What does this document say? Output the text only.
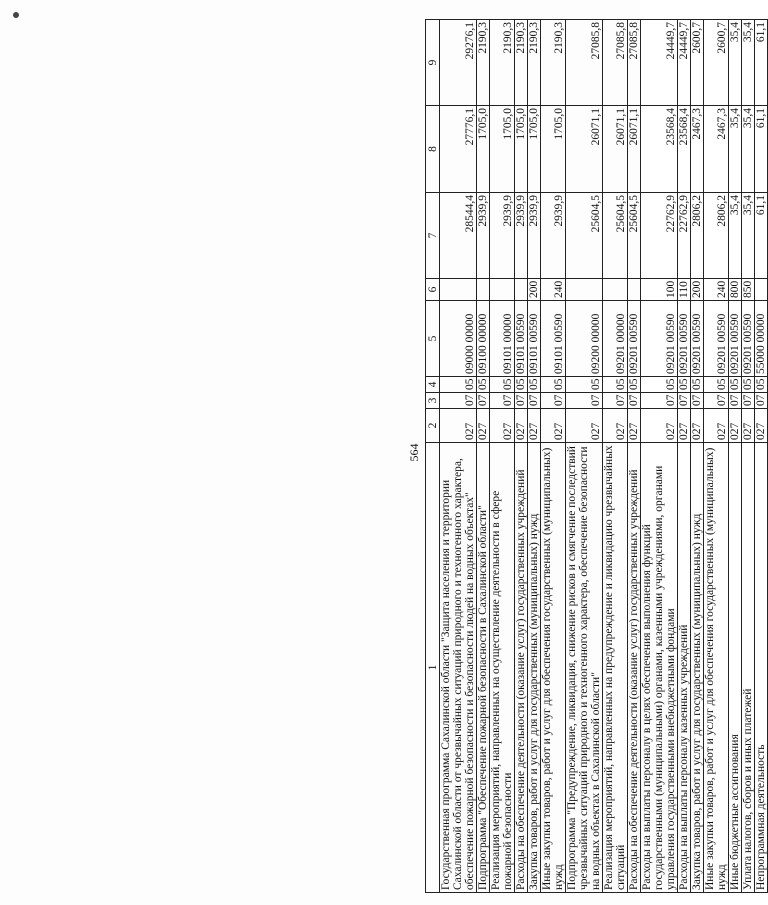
564
1	2	3	4	5	6	7	8	9
Государственная программа Сахалинской области "Защита населения и территории Сахалинской области от чрезвычайных ситуаций природного и техногенного характера, обеспечение пожарной безопасности и безопасности людей на водных объектах"	027	07	05	09000 00000		28544,4	27776,1	29276,1
Подпрограмма "Обеспечение пожарной безопасности в Сахалинской области"	027	07	05	09100 00000		2939,9	1705,0	2190,3
Реализация мероприятий, направленных на осуществление деятельности в сфере пожарной безопасности	027	07	05	09101 00000		2939,9	1705,0	2190,3
Расходы на обеспечение деятельности (оказание услуг) государственных учреждений	027	07	05	09101 00590		2939,9	1705,0	2190,3
Закупка товаров, работ и услуг для государственных (муниципальных) нужд	027	07	05	09101 00590	200	2939,9	1705,0	2190,3
Иные закупки товаров, работ и услуг для обеспечения государственных (муниципальных) нужд	027	07	05	09101 00590	240	2939,9	1705,0	2190,3
Подпрограмма "Предупреждение, ликвидация, снижение рисков и смягчение последствий чрезвычайных ситуаций природного и техногенного характера, обеспечение безопасности на водных объектах в Сахалинской области"	027	07	05	09200 00000		25604,5	26071,1	27085,8
Реализация мероприятий, направленных на предупреждение и ликвидацию чрезвычайных ситуаций	027	07	05	09201 00000		25604,5	26071,1	27085,8
Расходы на обеспечение деятельности (оказание услуг) государственных учреждений	027	07	05	09201 00590		25604,5	26071,1	27085,8
Расходы на выплаты персоналу в целях обеспечения выполнения функций государственными (муниципальными) органами, казенными учреждениями, органами управления государственными внебюджетными фондами	027	07	05	09201 00590	100	22762,9	23568,4	24449,7
Расходы на выплаты персоналу казенных учреждений	027	07	05	09201 00590	110	22762,9	23568,4	24449,7
Закупка товаров, работ и услуг для государственных (муниципальных) нужд	027	07	05	09201 00590	200	2806,2	2467,3	2600,7
Иные закупки товаров, работ и услуг для обеспечения государственных (муниципальных) нужд	027	07	05	09201 00590	240	2806,2	2467,3	2600,7
Иные бюджетные ассигнования	027	07	05	09201 00590	800	35,4	35,4	35,4
Уплата налогов, сборов и иных платежей	027	07	05	09201 00590	850	35,4	35,4	35,4
Непрограммная деятельность	027	07	05	55000 00000		61,1	61,1	61,1
